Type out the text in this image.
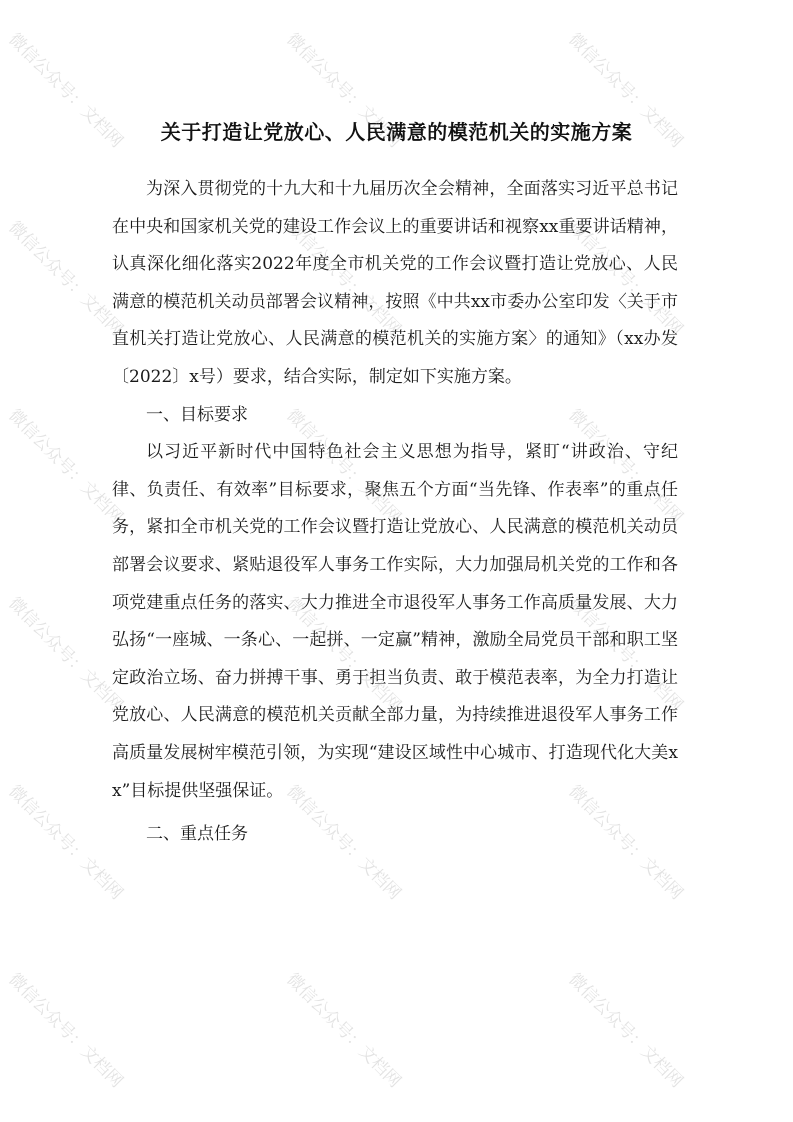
关于打造让党放心、人民满意的模范机关的实施方案

为深入贯彻党的十九大和十九届历次全会精神，全面落实习近平总书记在中央和国家机关党的建设工作会议上的重要讲话和视察xx重要讲话精神，认真深化细化落实2022年度全市机关党的工作会议暨打造让党放心、人民满意的模范机关动员部署会议精神，按照《中共xx市委办公室印发〈关于市直机关打造让党放心、人民满意的模范机关的实施方案〉的通知》（xx办发〔2022〕x号）要求，结合实际，制定如下实施方案。

一、目标要求

以习近平新时代中国特色社会主义思想为指导，紧盯“讲政治、守纪律、负责任、有效率”目标要求，聚焦五个方面“当先锋、作表率”的重点任务，紧扣全市机关党的工作会议暨打造让党放心、人民满意的模范机关动员部署会议要求、紧贴退役军人事务工作实际，大力加强局机关党的工作和各项党建重点任务的落实、大力推进全市退役军人事务工作高质量发展、大力弘扬“一座城、一条心、一起拼、一定赢”精神，激励全局党员干部和职工坚定政治立场、奋力拼搏干事、勇于担当负责、敢于模范表率，为全力打造让党放心、人民满意的模范机关贡献全部力量，为持续推进退役军人事务工作高质量发展树牢模范引领，为实现“建设区域性中心城市、打造现代化大美xx”目标提供坚强保证。

二、重点任务

微信公众号：文档网	微信公众号：文档网	微信公众号：文档网
微信公众号：文档网	微信公众号：文档网	微信公众号：文档网
微信公众号：文档网	微信公众号：文档网	微信公众号：文档网
微信公众号：文档网	微信公众号：文档网	微信公众号：文档网
微信公众号：文档网	微信公众号：文档网	微信公众号：文档网
微信公众号：文档网	微信公众号：文档网	微信公众号：文档网
